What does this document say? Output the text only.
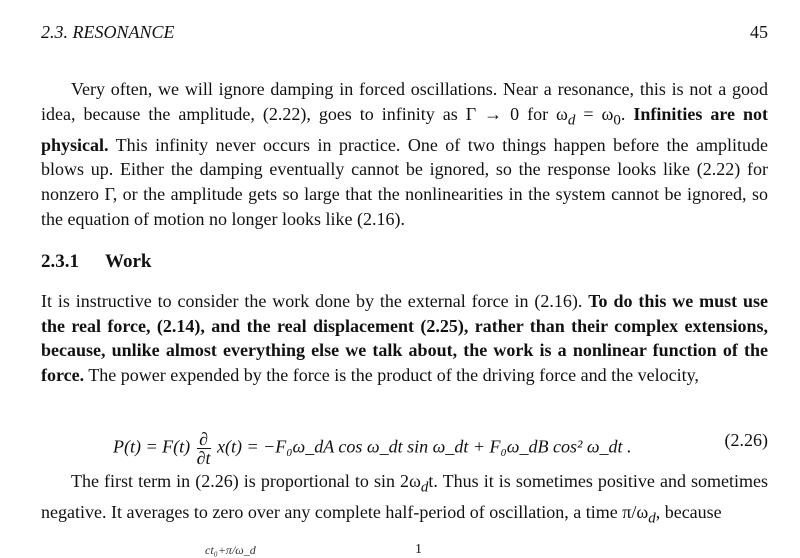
2.3. RESONANCE	45

Very often, we will ignore damping in forced oscillations. Near a resonance, this is not a good idea, because the amplitude, (2.22), goes to infinity as Γ → 0 for $\omega_d = \omega_0$. Infinities are not physical. This infinity never occurs in practice. One of two things happen before the amplitude blows up. Either the damping eventually cannot be ignored, so the response looks like (2.22) for nonzero Γ, or the amplitude gets so large that the nonlinearities in the system cannot be ignored, so the equation of motion no longer looks like (2.16).

2.3.1 Work

It is instructive to consider the work done by the external force in (2.16). To do this we must use the real force, (2.14), and the real displacement (2.25), rather than their complex extensions, because, unlike almost everything else we talk about, the work is a nonlinear function of the force. The power expended by the force is the product of the driving force and the velocity,

$P(t) = F(t) \frac{\partial}{\partial t} x(t)$ = −F₀ω_dA cos ω_dt sin ω_dt + F₀ω_dB cos² ω_dt .	(2.26)

The first term in (2.26) is proportional to $\sin 2\omega_dt$. Thus it is sometimes positive and sometimes negative. It averages to zero over any complete half-period of oscillation, a time $\pi/\omega_d$, because

ct₀+π/ω_d	1
